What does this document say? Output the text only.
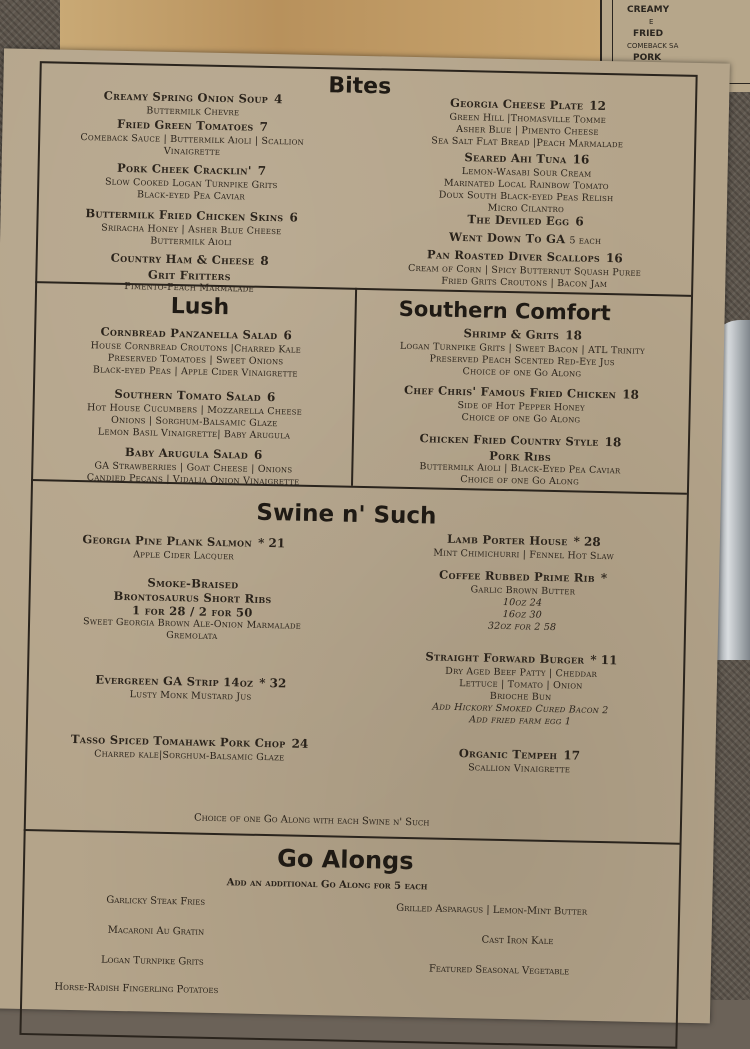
CREAMY
E
FRIED
COMEBACK SA
PORK
Bites
Creamy Spring Onion Soup 4
Buttermilk Chevre
Fried Green Tomatoes 7
Comeback Sauce | Buttermilk Aioli | Scallion
Vinaigrette
Pork Cheek Cracklin' 7
Slow Cooked Logan Turnpike Grits
Black-eyed Pea Caviar
Buttermilk Fried Chicken Skins 6
Sriracha Honey | Asher Blue Cheese
Buttermilk Aioli
Country Ham & Cheese 8
Grit Fritters
Pimento-Peach Marmalade
Georgia Cheese Plate 12
Green Hill |Thomasville Tomme
Asher Blue | Pimento Cheese
Sea Salt Flat Bread |Peach Marmalade
Seared Ahi Tuna 16
Lemon-Wasabi Sour Cream
Marinated Local Rainbow Tomato
Doux South Black-eyed Peas Relish
Micro Cilantro
The Deviled Egg 6
Went Down To GA 5 each
Pan Roasted Diver Scallops 16
Cream of Corn | Spicy Butternut Squash Puree
Fried Grits Croutons | Bacon Jam
Lush
Cornbread Panzanella Salad 6
House Cornbread Croutons |Charred Kale
Preserved Tomatoes | Sweet Onions
Black-eyed Peas | Apple Cider Vinaigrette
Southern Tomato Salad 6
Hot House Cucumbers | Mozzarella Cheese
Onions | Sorghum-Balsamic Glaze
Lemon Basil Vinaigrette| Baby Arugula
Baby Arugula Salad 6
GA Strawberries | Goat Cheese | Onions
Candied Pecans | Vidalia Onion Vinaigrette
Southern Comfort
Shrimp & Grits 18
Logan Turnpike Grits | Sweet Bacon | ATL Trinity
Preserved Peach Scented Red-Eye Jus
Choice of one Go Along
Chef Chris' Famous Fried Chicken 18
Side of Hot Pepper Honey
Choice of one Go Along
Chicken Fried Country Style 18
Pork Ribs
Buttermilk Aioli | Black-Eyed Pea Caviar
Choice of one Go Along
Swine n' Such
Georgia Pine Plank Salmon * 21
Apple Cider Lacquer
Smoke-Braised
Brontosaurus Short Ribs
1 for 28 / 2 for 50
Sweet Georgia Brown Ale-Onion Marmalade
Gremolata
Evergreen GA Strip 14oz * 32
Lusty Monk Mustard Jus
Tasso Spiced Tomahawk Pork Chop 24
Charred kale|Sorghum-Balsamic Glaze
Lamb Porter House * 28
Mint Chimichurri | Fennel Hot Slaw
Coffee Rubbed Prime Rib *
Garlic Brown Butter
10oz 24
16oz 30
32oz for 2 58
Straight Forward Burger * 11
Dry Aged Beef Patty | Cheddar
Lettuce | Tomato | Onion
Brioche Bun
Add Hickory Smoked Cured Bacon 2
Add fried farm egg 1
Organic Tempeh 17
Scallion Vinaigrette
Choice of one Go Along with each Swine n' Such
Go Alongs
Add an additional Go Along for 5 each
Garlicky Steak Fries
Macaroni Au Gratin
Logan Turnpike Grits
Horse-Radish Fingerling Potatoes
Grilled Asparagus | Lemon-Mint Butter
Cast Iron Kale
Featured Seasonal Vegetable
